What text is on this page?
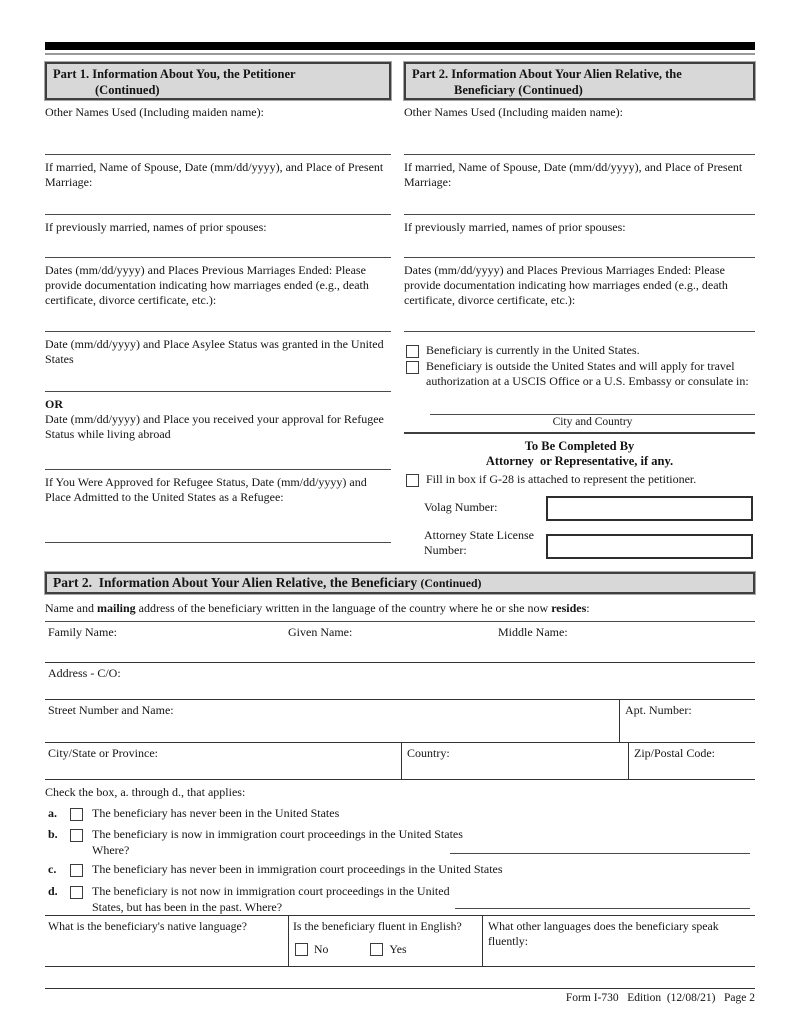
Part 1. Information About You, the Petitioner
(Continued)
Other Names Used (Including maiden name):
If married, Name of Spouse, Date (mm/dd/yyyy), and Place of Present Marriage:
If previously married, names of prior spouses:
Dates (mm/dd/yyyy) and Places Previous Marriages Ended: Please provide documentation indicating how marriages ended (e.g., death certificate, divorce certificate, etc.):
Date (mm/dd/yyyy) and Place Asylee Status was granted in the United States
OR
Date (mm/dd/yyyy) and Place you received your approval for Refugee Status while living abroad
If You Were Approved for Refugee Status, Date (mm/dd/yyyy) and Place Admitted to the United States as a Refugee:
Part 2. Information About Your Alien Relative, the
Beneficiary (Continued)
Other Names Used (Including maiden name):
If married, Name of Spouse, Date (mm/dd/yyyy), and Place of Present Marriage:
If previously married, names of prior spouses:
Dates (mm/dd/yyyy) and Places Previous Marriages Ended: Please provide documentation indicating how marriages ended (e.g., death certificate, divorce certificate, etc.):
Beneficiary is currently in the United States.
Beneficiary is outside the United States and will apply for travel authorization at a USCIS Office or a U.S. Embassy or consulate in:
City and Country
To Be Completed By
Attorney  or Representative, if any.
Fill in box if G-28 is attached to represent the petitioner.
Volag Number:
Attorney State License Number:
Part 2.  Information About Your Alien Relative, the Beneficiary (Continued)
Name and mailing address of the beneficiary written in the language of the country where he or she now resides:
Family Name:	Given Name:	Middle Name:
Address - C/O:
Street Number and Name:	Apt. Number:
City/State or Province:	Country:	Zip/Postal Code:
Check the box, a. through d., that applies:
a.	The beneficiary has never been in the United States
b.	The beneficiary is now in immigration court proceedings in the United States Where?
c.	The beneficiary has never been in immigration court proceedings in the United States
d.	The beneficiary is not now in immigration court proceedings in the United States, but has been in the past. Where?
What is the beneficiary's native language?	Is the beneficiary fluent in English?
No	Yes
What other languages does the beneficiary speak fluently:
Form I-730   Edition  (12/08/21)   Page 2
